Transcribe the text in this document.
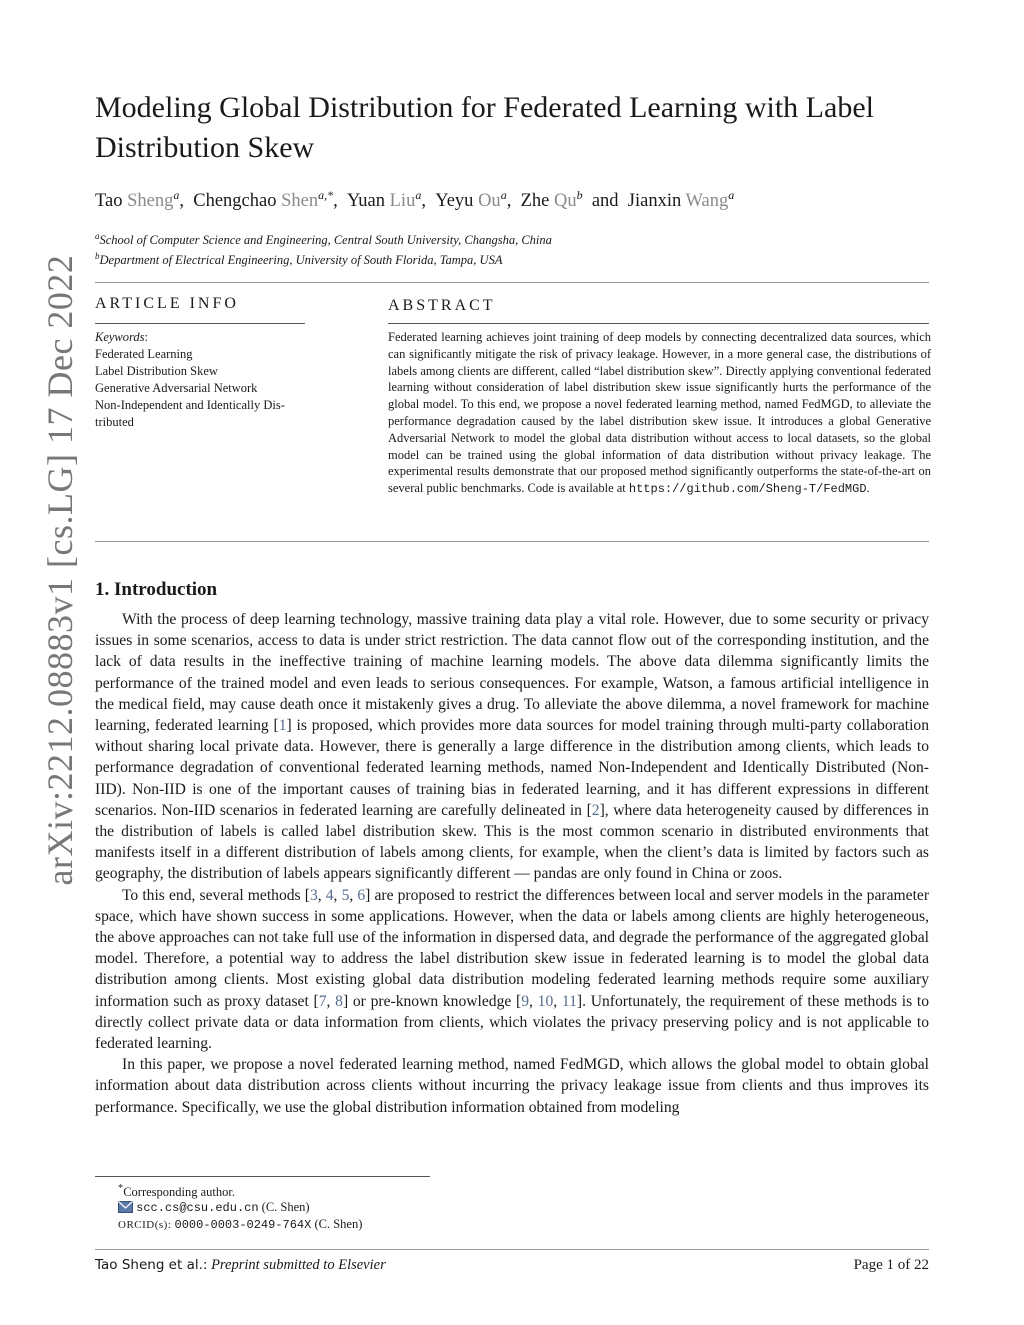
arXiv:2212.08883v1 [cs.LG] 17 Dec 2022
Modeling Global Distribution for Federated Learning with Label Distribution Skew
Tao Sheng$^a$,  Chengchao Shen$^{a,*}$,  Yuan Liu$^a$,  Yeyu Ou$^a$,  Zhe Qu$^b$  and  Jianxin Wang$^a$
$^a$School of Computer Science and Engineering, Central South University, Changsha, China
$^b$Department of Electrical Engineering, University of South Florida, Tampa, USA
ARTICLE INFO	ABSTRACT
Keywords:
Federated Learning
Label Distribution Skew
Generative Adversarial Network
Non-Independent and Identically Dis-
tributed
Federated learning achieves joint training of deep models by connecting decentralized data sources, which can significantly mitigate the risk of privacy leakage. However, in a more general case, the distributions of labels among clients are different, called “label distribution skew”. Directly applying conventional federated learning without consideration of label distribution skew issue significantly hurts the performance of the global model. To this end, we propose a novel federated learning method, named FedMGD, to alleviate the performance degradation caused by the label distribution skew issue. It introduces a global Generative Adversarial Network to model the global data distribution without access to local datasets, so the global model can be trained using the global information of data distribution without privacy leakage. The experimental results demonstrate that our proposed method significantly outperforms the state-of-the-art on several public benchmarks. Code is available at https://github.com/Sheng-T/FedMGD.
1. Introduction

With the process of deep learning technology, massive training data play a vital role. However, due to some security or privacy issues in some scenarios, access to data is under strict restriction. The data cannot flow out of the corresponding institution, and the lack of data results in the ineffective training of machine learning models. The above data dilemma significantly limits the performance of the trained model and even leads to serious consequences. For example, Watson, a famous artificial intelligence in the medical field, may cause death once it mistakenly gives a drug. To alleviate the above dilemma, a novel framework for machine learning, federated learning [1] is proposed, which provides more data sources for model training through multi-party collaboration without sharing local private data. However, there is generally a large difference in the distribution among clients, which leads to performance degradation of conventional federated learning methods, named Non-Independent and Identically Distributed (Non-IID). Non-IID is one of the important causes of training bias in federated learning, and it has different expressions in different scenarios. Non-IID scenarios in federated learning are carefully delineated in [2], where data heterogeneity caused by differences in the distribution of labels is called label distribution skew. This is the most common scenario in distributed environments that manifests itself in a different distribution of labels among clients, for example, when the client’s data is limited by factors such as geography, the distribution of labels appears significantly different — pandas are only found in China or zoos.

To this end, several methods [3, 4, 5, 6] are proposed to restrict the differences between local and server models in the parameter space, which have shown success in some applications. However, when the data or labels among clients are highly heterogeneous, the above approaches can not take full use of the information in dispersed data, and degrade the performance of the aggregated global model. Therefore, a potential way to address the label distribution skew issue in federated learning is to model the global data distribution among clients. Most existing global data distribution modeling federated learning methods require some auxiliary information such as proxy dataset [7, 8] or pre-known knowledge [9, 10, 11]. Unfortunately, the requirement of these methods is to directly collect private data or data information from clients, which violates the privacy preserving policy and is not applicable to federated learning.

In this paper, we propose a novel federated learning method, named FedMGD, which allows the global model to obtain global information about data distribution across clients without incurring the privacy leakage issue from clients and thus improves its performance. Specifically, we use the global distribution information obtained from modeling

*Corresponding author.
scc.cs@csu.edu.cn (C. Shen)
ORCID(s): 0000-0003-0249-764X (C. Shen)
Tao Sheng et al.: Preprint submitted to Elsevier	Page 1 of 22
